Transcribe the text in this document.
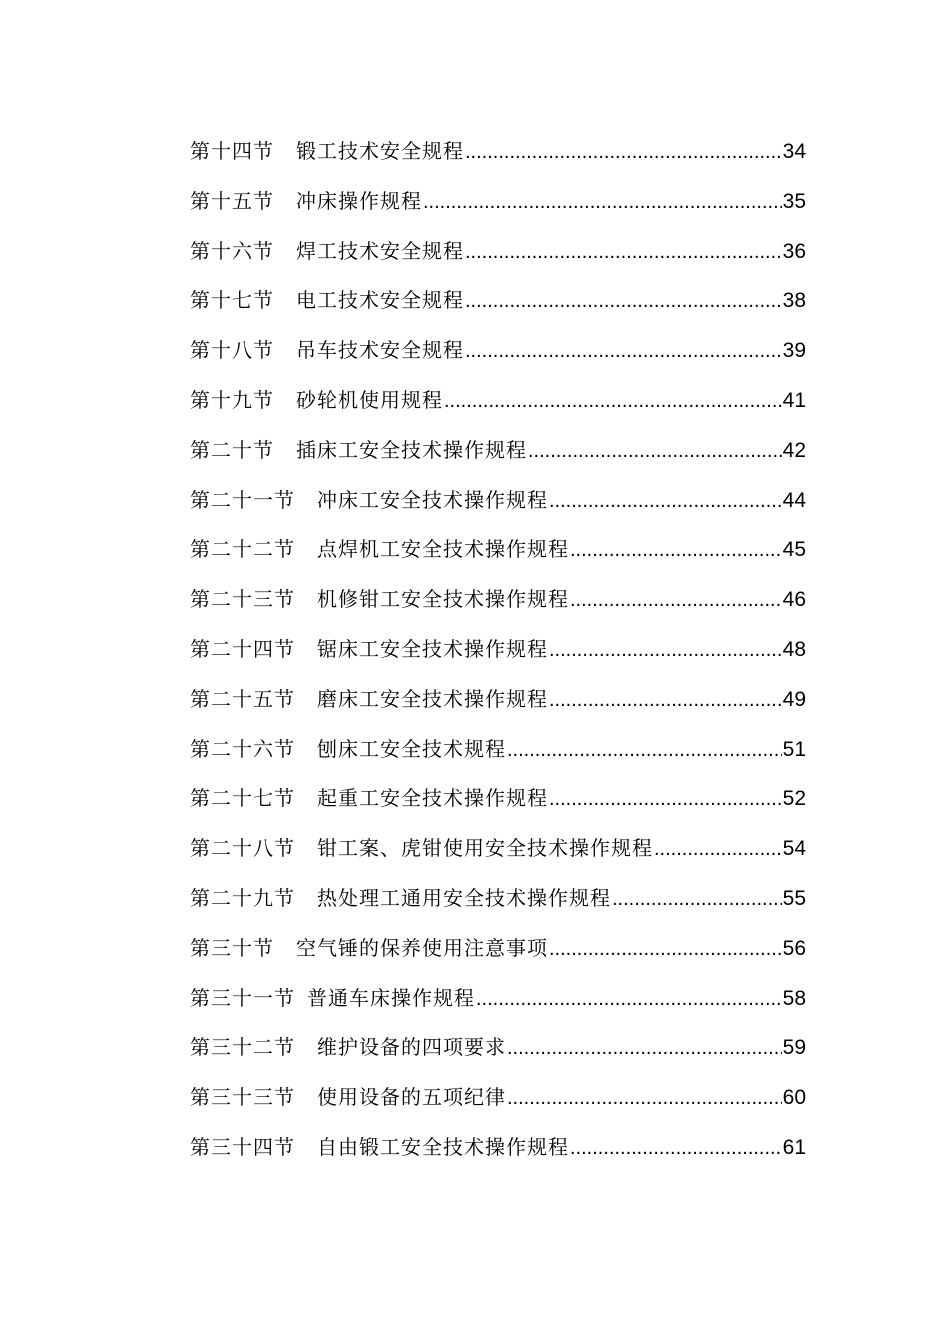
第十四节 锻工技术安全规程 .....	34
第十五节 冲床操作规程 .....	35
第十六节 焊工技术安全规程 .....	36
第十七节 电工技术安全规程 .....	38
第十八节 吊车技术安全规程 .....	39
第十九节 砂轮机使用规程 .....	41
第二十节 插床工安全技术操作规程 .....	42
第二十一节 冲床工安全技术操作规程 .....	44
第二十二节 点焊机工安全技术操作规程 .....	45
第二十三节 机修钳工安全技术操作规程 .....	46
第二十四节 锯床工安全技术操作规程 .....	48
第二十五节 磨床工安全技术操作规程 .....	49
第二十六节 刨床工安全技术规程 .....	51
第二十七节 起重工安全技术操作规程 .....	52
第二十八节 钳工案、虎钳使用安全技术操作规程 .....	54
第二十九节 热处理工通用安全技术操作规程 .....	55
第三十节 空气锤的保养使用注意事项 .....	56
第三十一节 普通车床操作规程 .....	58
第三十二节 维护设备的四项要求 .....	59
第三十三节 使用设备的五项纪律 .....	60
第三十四节 自由锻工安全技术操作规程 .....	61
